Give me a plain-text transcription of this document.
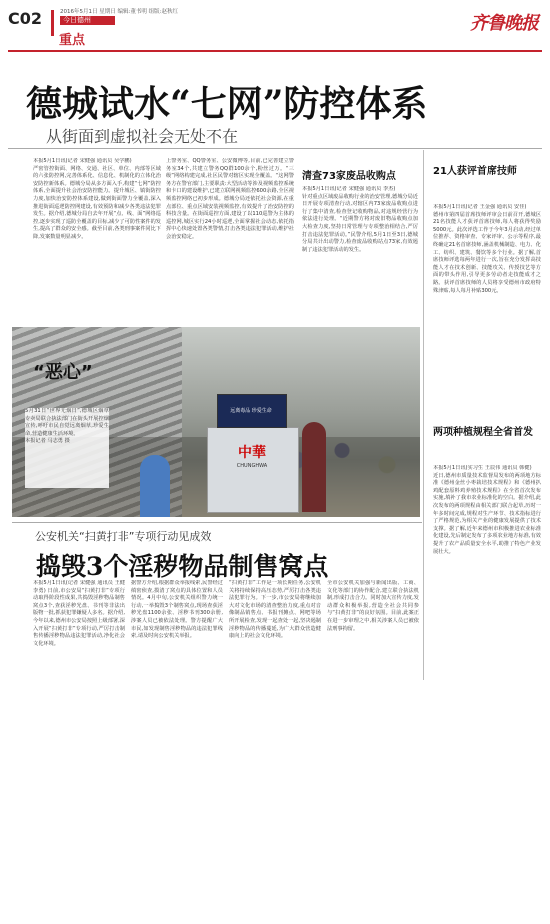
C02	2016年5月1日 星期日 编辑:董书明 组版:赵秋红
今日德州
重点
齐鲁晚报
德城试水“七网”防控体系
从街面到虚拟社会无处不在
本报5月1日讯(记者 宋健强 通讯员 吴学鹏)
严密管控街面、网络、交通、社区、单位、内部等区域的六张防控网,完善体系化、信息化、机制化的立体化治安防控新体系。德城分局从多方面入手,构建“七网”防控体系,全面提升社会治安防控能力。提升城区、镇街防控力度,加快治安防控体系建设,做到街面警力全覆盖,深入推进街面巡逻防控网建设,有效预防和减少各类违法犯罪发生。据介绍,德城分局自去年开展“点、线、面”网络巡控,逐步实现了巡防全覆盖的目标,减少了可防性案件的发生,提高了群众的安全感。截至目前,各类刑事案件同比下降,发案数量明显减少。
上警务室、QQ警务室、公安微博等,目前,已完善建立警务室34个,共建立警务QQ群100余个,粉丝过万。“三级”网络构建完成,社区民警对辖区实现全覆盖。“这网警务方在警官部门,主要职责:大型活动等涉及视频监控系统和卡口的建设维护,已建立联网视频监控600余路,全区视频监控网络已初步形成。德城分局还依托社会资源,在重点部位、重点区域安装视频监控,有效提升了治安防控的科技含量。在街面巡控方面,建设了以110巡警为主体的巡控网,城区实行24小时巡逻,全面掌握社会动态,依托指挥中心快速处置各类警情,打击各类违法犯罪活动,维护社会治安稳定。
清查73家废品收购点
本报5月1日讯(记者 宋健强 通讯员 李杰)
针对重点区域废品收购行业的治安管理,德城分局近日开展专项清查行动,对辖区内73家废品收购点进行了集中清查,检查登记收购物品,对违规经营行为依法进行处理。“近期警方将对废旧物品收购点加大检查力度,坚持日常管理与专项整治相结合,严厉打击违法犯罪活动。”民警介绍,5月1日至3日,德城分局共计出动警力,检查废品收购站点73家,有效遏制了违法犯罪活动的发生。
远离毒品 珍爱生命
中華
CHUNGHWA
“恶心”
5月31日“世界无烟日”,德城区烟草专卖局联合执法部门在街头开展控烟宣传,呼吁市民自觉远离烟草,珍爱生命,营造健康生活环境。
本报记者 马志勇 摄
21人获评首席技师
本报5月1日讯(记者 王金强 通讯员 安佳)
德州市第四届首席技师评审会日前召开,德城区21名技能人才获评首席技师,每人将获得奖励5000元。此次评选工作于今年3月启动,经过单位推荐、资格审查、专家评审、公示等程序,最终确定21名首席技师,涵盖机械制造、电力、化工、纺织、建筑、餐饮等多个行业。据了解,首席技师评选每两年进行一次,旨在充分发挥高技能人才在技术创新、技能攻关、传授技艺等方面的带头作用,引导更多劳动者走技能成才之路。获评首席技师的人员将享受德州市政府特殊津贴,每人每月补贴300元。
两项种植规程全省首发
本报5月1日讯(实习生 王辰伟 通讯员 韩健)
近日,德州市质量技术监督局发布的两项地方标准《德州金丝小枣栽培技术规程》和《德州扒鸡配套原料鸡养殖技术规程》在全省首次发布实施,填补了我市农业标准化的空白。据介绍,此次发布的两项规程由相关部门联合起草,历时一年多时间完成,规程对生产环节、技术指标进行了严格规范,为相关产业的健康发展提供了技术支撑。据了解,近年来德州市积极推进农业标准化建设,先后制定发布了多项农业地方标准,有效提升了农产品质量安全水平,助推了特色产业发展壮大。
公安机关“扫黄打非”专项行动见成效
捣毁3个淫秽物品制售窝点
本报5月1日讯(记者 宋健强 通讯员 王健 李勇) 日前,市公安局“扫黄打非”专项行动取得阶段性成果,共捣毁淫秽物品制售窝点3个,查获淫秽光盘、书刊等非法出版物一批,抓获犯罪嫌疑人多名。据介绍,今年以来,德州市公安局按照上级部署,深入开展“扫黄打非”专项行动,严厉打击制售传播淫秽物品违法犯罪活动,净化社会文化环境。
据警方介绍,根据群众举报线索,民警经过缜密侦查,摸清了窝点的具体位置和人员情况。4月中旬,公安机关组织警力统一行动,一举捣毁3个制售窝点,现场查获淫秽光盘1100余张、淫秽书刊300余册,涉案人员已被依法处理。警方提醒广大市民,如发现制售淫秽物品的违法犯罪线索,请及时向公安机关举报。
“扫黄打非”工作是一项长期任务,公安机关将持续保持高压态势,严厉打击各类违法犯罪行为。下一步,市公安局将继续加大对文化市场的清查整治力度,重点对音像制品销售点、书报刊摊点、网吧等场所开展检查,发现一起查处一起,坚决遏制淫秽物品的传播蔓延,为广大群众营造健康向上的社会文化环境。
全市公安机关加强与新闻出版、工商、文化等部门的协作配合,建立联合执法机制,形成打击合力。同时加大宣传力度,发动群众积极举报,营造全社会共同参与“扫黄打非”的良好氛围。目前,此案正在进一步审理之中,相关涉案人员已被依法刑事拘留。
